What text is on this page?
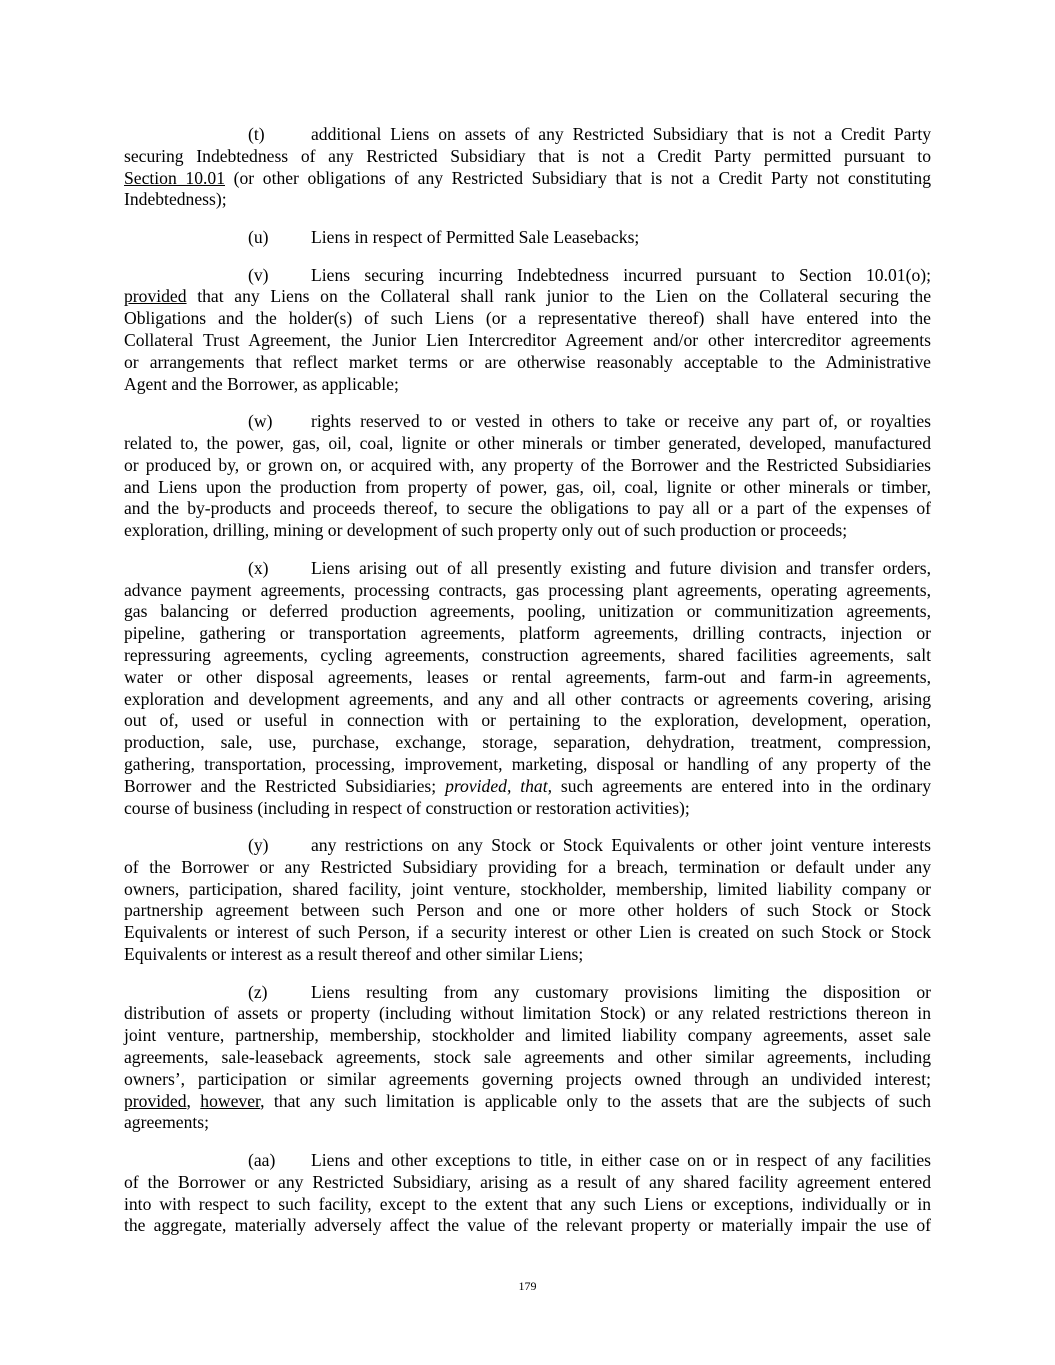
(t)	additional Liens on assets of any Restricted Subsidiary that is not a Credit Party
securing Indebtedness of any Restricted Subsidiary that is not a Credit Party permitted pursuant to
Section 10.01 (or other obligations of any Restricted Subsidiary that is not a Credit Party not constituting
Indebtedness);
(u) Liens in respect of Permitted Sale Leasebacks;
(v) Liens securing incurring Indebtedness incurred pursuant to Section 10.01(o);
provided that any Liens on the Collateral shall rank junior to the Lien on the Collateral securing the
Obligations and the holder(s) of such Liens (or a representative thereof) shall have entered into the
Collateral Trust Agreement, the Junior Lien Intercreditor Agreement and/or other intercreditor agreements
or arrangements that reflect market terms or are otherwise reasonably acceptable to the Administrative
Agent and the Borrower, as applicable;
(w) rights reserved to or vested in others to take or receive any part of, or royalties
related to, the power, gas, oil, coal, lignite or other minerals or timber generated, developed, manufactured
or produced by, or grown on, or acquired with, any property of the Borrower and the Restricted Subsidiaries
and Liens upon the production from property of power, gas, oil, coal, lignite or other minerals or timber,
and the by-products and proceeds thereof, to secure the obligations to pay all or a part of the expenses of
exploration, drilling, mining or development of such property only out of such production or proceeds;
(x) Liens arising out of all presently existing and future division and transfer orders,
advance payment agreements, processing contracts, gas processing plant agreements, operating agreements,
gas balancing or deferred production agreements, pooling, unitization or communitization agreements,
pipeline, gathering or transportation agreements, platform agreements, drilling contracts, injection or
repressuring agreements, cycling agreements, construction agreements, shared facilities agreements, salt
water or other disposal agreements, leases or rental agreements, farm-out and farm-in agreements,
exploration and development agreements, and any and all other contracts or agreements covering, arising
out of, used or useful in connection with or pertaining to the exploration, development, operation,
production, sale, use, purchase, exchange, storage, separation, dehydration, treatment, compression,
gathering, transportation, processing, improvement, marketing, disposal or handling of any property of the
Borrower and the Restricted Subsidiaries; provided, that, such agreements are entered into in the ordinary
course of business (including in respect of construction or restoration activities);
(y) any restrictions on any Stock or Stock Equivalents or other joint venture interests
of the Borrower or any Restricted Subsidiary providing for a breach, termination or default under any
owners, participation, shared facility, joint venture, stockholder, membership, limited liability company or
partnership agreement between such Person and one or more other holders of such Stock or Stock
Equivalents or interest of such Person, if a security interest or other Lien is created on such Stock or Stock
Equivalents or interest as a result thereof and other similar Liens;
(z) Liens resulting from any customary provisions limiting the disposition or
distribution of assets or property (including without limitation Stock) or any related restrictions thereon in
joint venture, partnership, membership, stockholder and limited liability company agreements, asset sale
agreements, sale-leaseback agreements, stock sale agreements and other similar agreements, including
owners’, participation or similar agreements governing projects owned through an undivided interest;
provided, however, that any such limitation is applicable only to the assets that are the subjects of such
agreements;
(aa) Liens and other exceptions to title, in either case on or in respect of any facilities
of the Borrower or any Restricted Subsidiary, arising as a result of any shared facility agreement entered
into with respect to such facility, except to the extent that any such Liens or exceptions, individually or in
the aggregate, materially adversely affect the value of the relevant property or materially impair the use of
179
